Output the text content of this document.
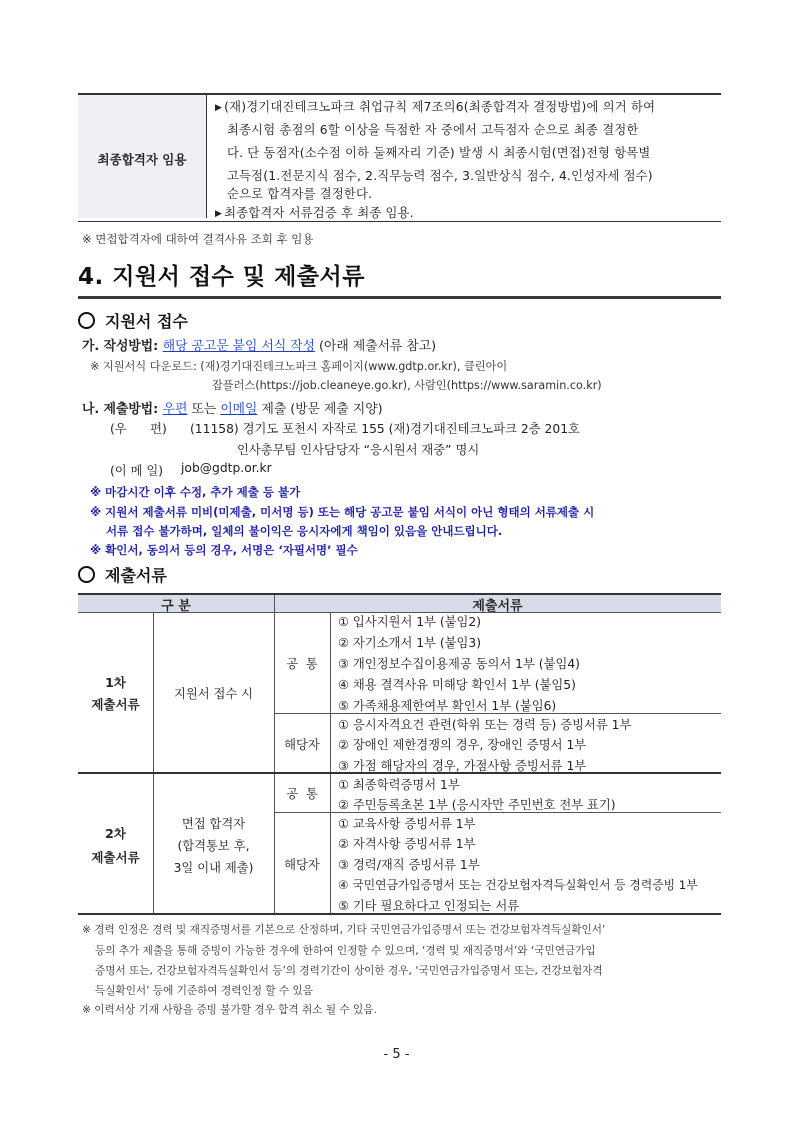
최종합격자 임용
▶ (재)경기대진테크노파크 취업규칙 제7조의6(최종합격자 결정방법)에 의거 하여
최종시험 총점의 6할 이상을 득점한 자 중에서 고득점자 순으로 최종 결정한
다. 단 동점자(소수점 이하 둘째자리 기준) 발생 시 최종시험(면접)전형 항목별
고득점(1.전문지식 점수, 2.직무능력 점수, 3.일반상식 점수, 4.인성자세 점수)
순으로 합격자를 결정한다.
▶ 최종합격자 서류검증 후 최종 임용.
※ 면접합격자에 대하여 결격사유 조회 후 임용
4. 지원서 접수 및 제출서류
지원서 접수
가. 작성방법: 해당 공고문 붙임 서식 작성 (아래 제출서류 참고)
※ 지원서식 다운로드: (재)경기대진테크노파크 홈페이지(www.gdtp.or.kr), 클린아이
잡플러스(https://job.cleaneye.go.kr), 사람인(https://www.saramin.co.kr)
나. 제출방법: 우편 또는 이메일 제출 (방문 제출 지양)
(우      편) (11158) 경기도 포천시 자작로 155 (재)경기대진테크노파크 2층 201호
인사총무팀 인사담당자 “응시원서 재중” 명시
(이 메 일) job@gdtp.or.kr
※ 마감시간 이후 수정, 추가 제출 등 불가
※ 지원서 제출서류 미비(미제출, 미서명 등) 또는 해당 공고문 붙임 서식이 아닌 형태의 서류제출 시
서류 접수 불가하며, 일체의 불이익은 응시자에게 책임이 있음을 안내드립니다.
※ 확인서, 동의서 등의 경우, 서명은 ‘자필서명’ 필수
제출서류
구 분	제출서류
1차
제출서류
지원서 접수 시
공  통
해당자
① 입사지원서 1부 (붙임2)
② 자기소개서 1부 (붙임3)
③ 개인정보수집이용제공 동의서 1부 (붙임4)
④ 채용 결격사유 미해당 확인서 1부 (붙임5)
⑤ 가족채용제한여부 확인서 1부 (붙임6)
① 응시자격요건 관련(학위 또는 경력 등) 증빙서류 1부
② 장애인 제한경쟁의 경우, 장애인 증명서 1부
③ 가점 해당자의 경우, 가점사항 증빙서류 1부
2차
제출서류
면접 합격자
(합격통보 후,
3일 이내 제출)
공  통
해당자
① 최종학력증명서 1부
② 주민등록초본 1부 (응시자만 주민번호 전부 표기)
① 교육사항 증빙서류 1부
② 자격사항 증빙서류 1부
③ 경력/재직 증빙서류 1부
④ 국민연금가입증명서 또는 건강보험자격득실확인서 등 경력증빙 1부
⑤ 기타 필요하다고 인정되는 서류
※ 경력 인정은 경력 및 재직증명서를 기본으로 산정하며, 기타 국민연금가입증명서 또는 건강보험자격득실확인서’
등의 추가 제출을 통해 증빙이 가능한 경우에 한하여 인정할 수 있으며, ‘경력 및 재직증명서’와 ‘국민연금가입
증명서 또는, 건강보험자격득실확인서 등’의 경력기간이 상이한 경우, ‘국민연금가입증명서 또는, 건강보험자격
득실확인서’ 등에 기준하여 경력인정 할 수 있음
※ 이력서상 기재 사항을 증빙 불가할 경우 합격 취소 될 수 있음.
- 5 -
